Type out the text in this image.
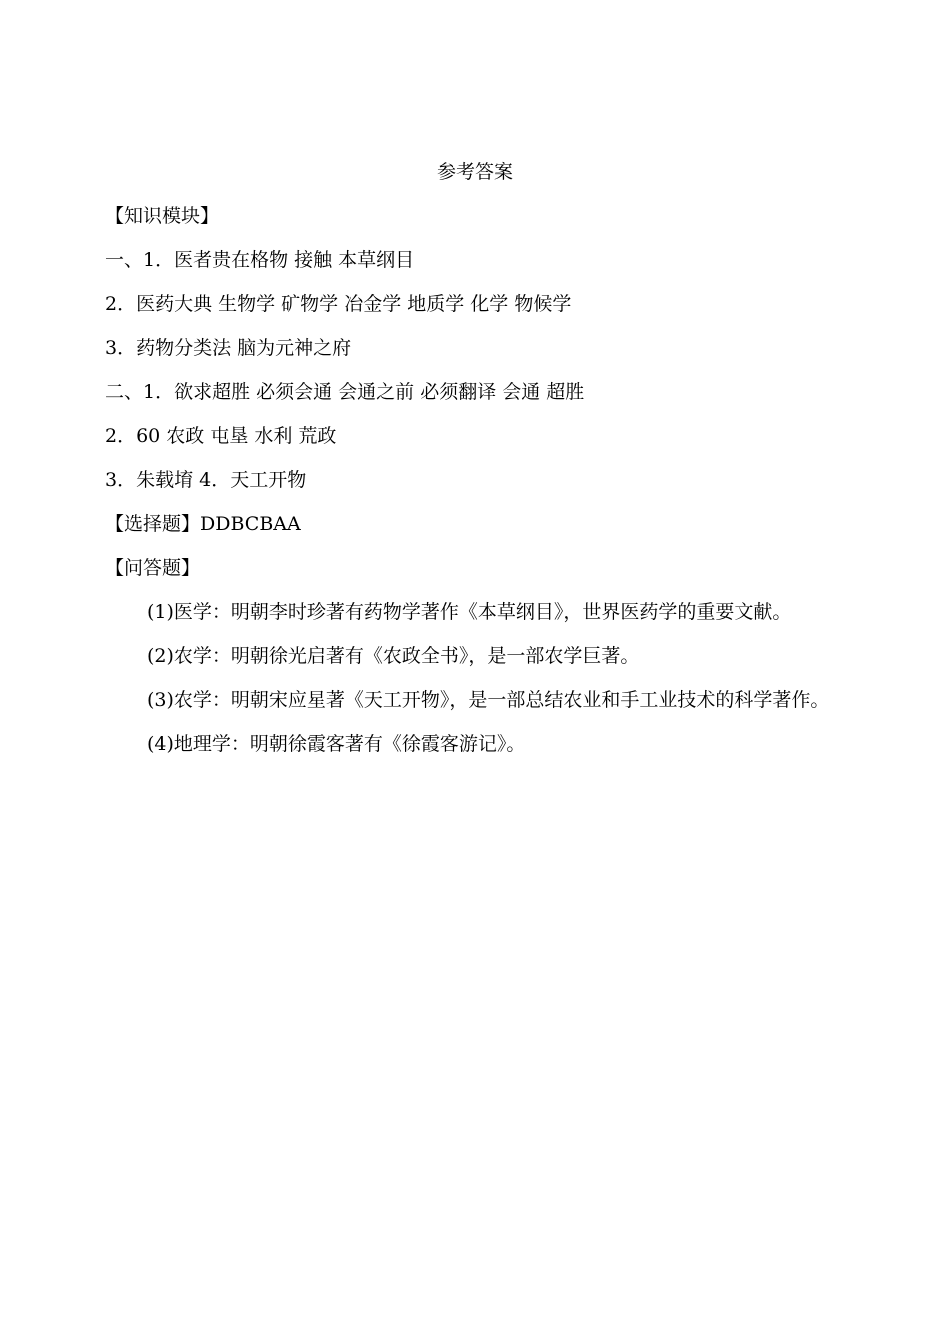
参考答案

【知识模块】

一、1．医者贵在格物 接触 本草纲目

2．医药大典 生物学 矿物学 冶金学 地质学 化学 物候学

3．药物分类法 脑为元神之府

二、1．欲求超胜 必须会通 会通之前 必须翻译 会通 超胜

2．60 农政 屯垦 水利 荒政

3．朱载堉 4．天工开物

【选择题】DDBCBAA

【问答题】

(1)医学：明朝李时珍著有药物学著作《本草纲目》，世界医药学的重要文献。

(2)农学：明朝徐光启著有《农政全书》，是一部农学巨著。

(3)农学：明朝宋应星著《天工开物》，是一部总结农业和手工业技术的科学著作。

(4)地理学：明朝徐霞客著有《徐霞客游记》。
